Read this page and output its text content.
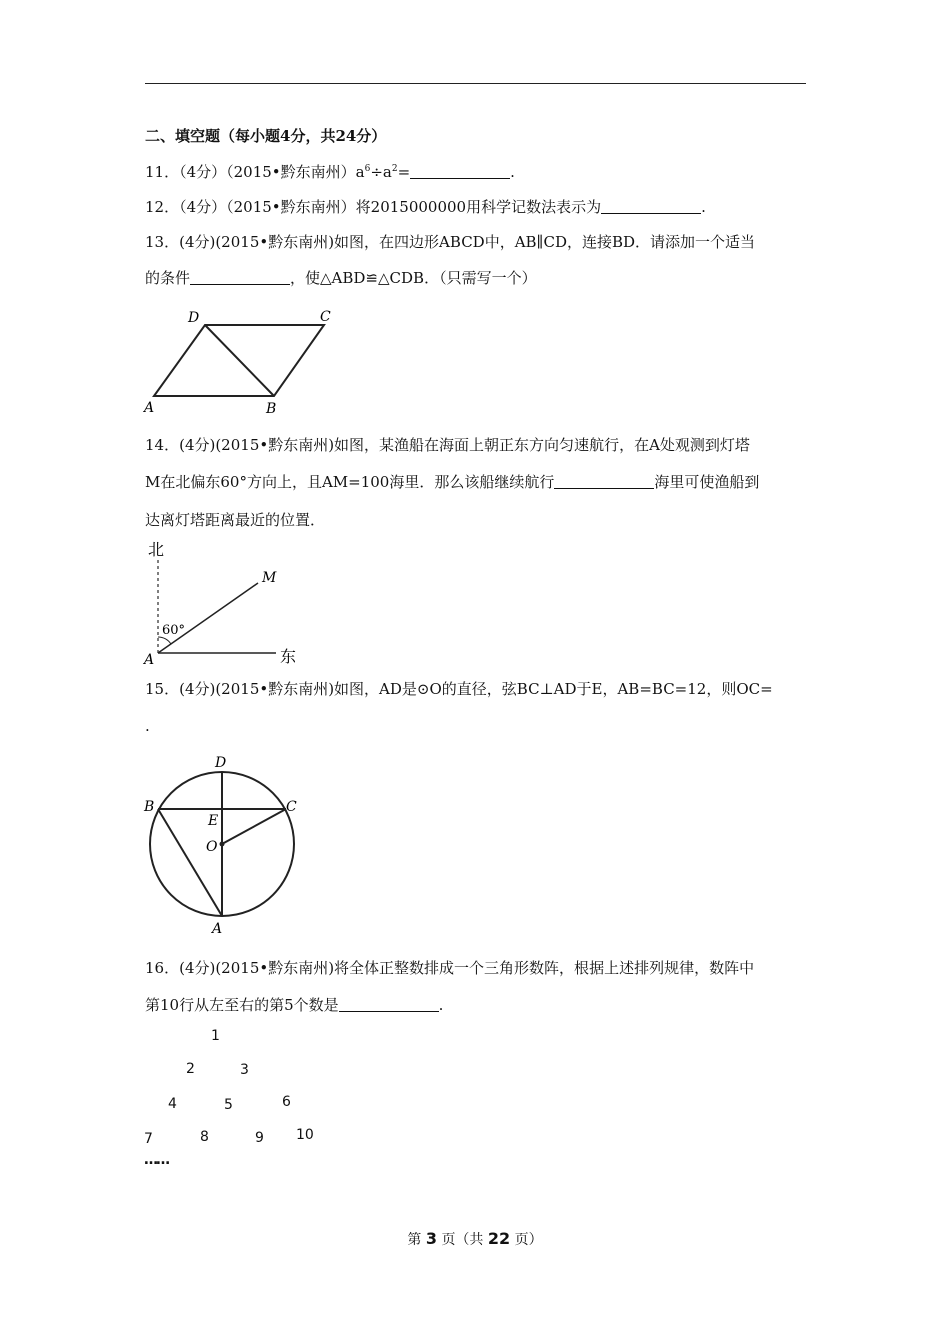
二、填空题（每小题4分，共24分）
11．（4分）（2015•黔东南州）$a^6\div a^2=$	.
12．（4分）（2015•黔东南州）将2015000000用科学记数法表示为	.
13．(4分)(2015•黔东南州)如图，在四边形ABCD中，AB∥CD，连接BD．请添加一个适当
的条件	，使△ABD≌△CDB．（只需写一个）
A	B
C
D
14．(4分)(2015•黔东南州)如图，某渔船在海面上朝正东方向匀速航行，在A处观测到灯塔
M在北偏东60°方向上，且AM=100海里．那么该船继续航行	海里可使渔船到
达离灯塔距离最近的位置．
北
东
A
M
60°
15．(4分)(2015•黔东南州)如图，AD是⊙O的直径，弦BC⊥AD于E，AB=BC=12，则OC=
.
D
B	C
E
O
A
16．(4分)(2015•黔东南州)将全体正整数排成一个三角形数阵，根据上述排列规律，数阵中
第10行从左至右的第5个数是	.
1
2	3
4	5	6
7	8	9 10
……
第 3 页（共 22 页）
